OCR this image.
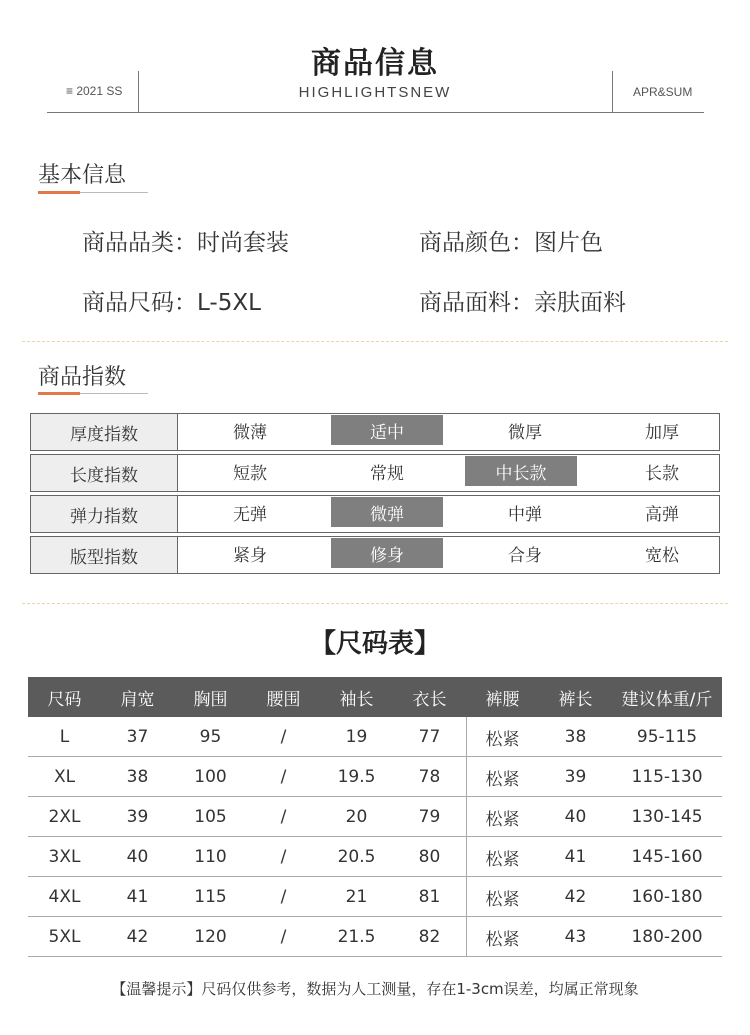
商品信息
≡ 2021 SS	HIGHLIGHTSNEW	APR&SUM
基本信息
商品品类：时尚套装	商品颜色：图片色
商品尺码：L-5XL	商品面料：亲肤面料
商品指数
厚度指数	微薄	适中	微厚	加厚
长度指数	短款	常规	中长款	长款
弹力指数	无弹	微弹	中弹	高弹
版型指数	紧身	修身	合身	宽松
【尺码表】
尺码	肩宽	胸围	腰围	袖长	衣长	裤腰	裤长	建议体重/斤
L	37	95	/	19	77	松紧	38	95-115
XL	38	100	/	19.5	78	松紧	39	115-130
2XL	39	105	/	20	79	松紧	40	130-145
3XL	40	110	/	20.5	80	松紧	41	145-160
4XL	41	115	/	21	81	松紧	42	160-180
5XL	42	120	/	21.5	82	松紧	43	180-200
【温馨提示】尺码仅供参考，数据为人工测量，存在1-3cm误差，均属正常现象
